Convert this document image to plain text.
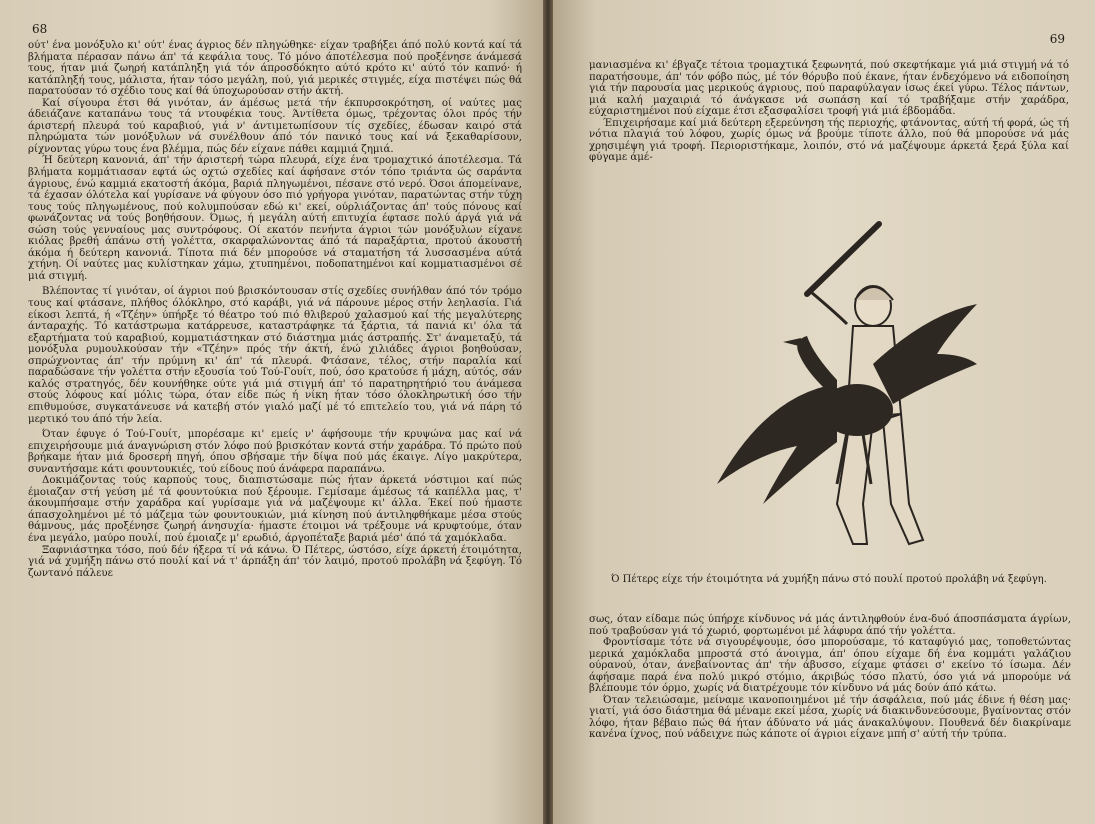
68

ούτ' ένα μονόξυλο κι' ούτ' ένας άγριος δέν πληγώθηκε· είχαν τραβήξει άπό πολύ κοντά καί τά βλήματα πέρασαν πάνω άπ' τά κεφάλια τους. Τό μόνο άποτέλεσμα πού προξένησε άνάμεσά τους, ήταν μιά ζωηρή κατάπληξη γιά τόν άπροσδόκητο αύτό κρότο κι' αύτό τόν καπνό· ή κατάπληξή τους, μάλιστα, ήταν τόσο μεγάλη, πού, γιά μερικές στιγμές, είχα πιστέψει πώς θά παρατούσαν τό σχέδιο τους καί θά ύποχωρούσαν στήν άκτή.

Καί σίγουρα έτσι θά γινόταν, άν άμέσως μετά τήν έκπυρσοκρότηση, οί ναύτες μας άδειάζανε καταπάνω τους τά ντουφέκια τους. Άντίθετα όμως, τρέχοντας όλοι πρός τήν άριστερή πλευρά τού καραβιού, γιά ν' άντιμετωπίσουν τίς σχεδίες, έδωσαν καιρό στά πληρώματα τών μονόξυλων νά συνέλθουν άπό τόν πανικό τους καί νά ξεκαθαρίσουν, ρίχνοντας γύρω τους ένα βλέμμα, πώς δέν είχανε πάθει καμμιά ζημιά.

Ή δεύτερη κανονιά, άπ' τήν άριστερή τώρα πλευρά, είχε ένα τρομαχτικό άποτέλεσμα. Τά βλήματα κομμάτιασαν εφτά ώς οχτώ σχεδίες καί άφήσανε στόν τόπο τριάντα ώς σαράντα άγριους, ένώ καμμιά εκατοστή άκόμα, βαριά πληγωμένοι, πέσανε στό νερό. Όσοι άπομείνανε, τά έχασαν όλότελα καί γυρίσανε νά φύγουν όσο πιό γρήγορα γινόταν, παρατώντας στήν τύχη τους τούς πληγωμένους, πού κολυμπούσαν εδώ κι' εκεί, ούρλιάζοντας άπ' τούς πόνους καί φωνάζοντας νά τούς βοηθήσουν. Όμως, ή μεγάλη αύτή επιτυχία έφτασε πολύ άργά γιά νά σώση τούς γενναίους μας συντρόφους. Οί εκατόν πενήντα άγριοι τών μονόξυλων είχανε κιόλας βρεθή άπάνω στή γολέττα, σκαρφαλώνοντας άπό τά παραξάρτια, προτού άκουστή άκόμα ή δεύτερη κανονιά. Τίποτα πιά δέν μπορούσε νά σταματήση τά λυσσασμένα αύτά χτήνη. Οί ναύτες μας κυλίστηκαν χάμω, χτυπημένοι, ποδοπατημένοι καί κομματιασμένοι σέ μιά στιγμή.

Βλέποντας τί γινόταν, οί άγριοι πού βρισκόντουσαν στίς σχεδίες συνήλθαν άπό τόν τρόμο τους καί φτάσανε, πλήθος όλόκληρο, στό καράβι, γιά νά πάρουνε μέρος στήν λεηλασία. Γιά είκοσι λεπτά, ή «Τζέην» ύπήρξε τό θέατρο τού πιό θλιβερού χαλασμού καί τής μεγαλύτερης άνταραχής. Τό κατάστρωμα κατάρρευσε, καταστράφηκε τά ξάρτια, τά πανιά κι' όλα τά εξαρτήματα τού καραβιού, κομματιάστηκαν στό διάστημα μιάς άστραπής. Στ' άναμεταξύ, τά μονόξυλα ρυμουλκούσαν τήν «Τζέην» πρός τήν άκτή, ένώ χιλιάδες άγριοι βοηθούσαν, σπρώχνοντας άπ' τήν πρύμνη κι' άπ' τά πλευρά. Φτάσανε, τέλος, στήν παραλία καί παραδώσανε τήν γολέττα στήν εξουσία τού Τού-Γουίτ, πού, όσο κρατούσε ή μάχη, αύτός, σάν καλός στρατηγός, δέν κουνήθηκε ούτε γιά μιά στιγμή άπ' τό παρατηρητήριό του άνάμεσα στούς λόφους καί μόλις τώρα, όταν είδε πώς ή νίκη ήταν τόσο όλοκληρωτική όσο τήν επιθυμούσε, συγκατάνευσε νά κατεβή στόν γιαλό μαζί μέ τό επιτελείο του, γιά νά πάρη τό μερτικό του άπό τήν λεία.

Όταν έφυγε ό Τού-Γουίτ, μπορέσαμε κι' εμείς ν' άφήσουμε τήν κρυψώνα μας καί νά επιχειρήσουμε μιά άναγνώριση στόν λόφο πού βρισκόταν κοντά στήν χαράδρα. Τό πρώτο πού βρήκαμε ήταν μιά δροσερή πηγή, όπου σβήσαμε τήν δίψα πού μάς έκαιγε. Λίγο μακρύτερα, συναντήσαμε κάτι φουντουκιές, τού είδους πού άνάφερα παραπάνω.

Δοκιμάζοντας τούς καρπούς τους, διαπιστώσαμε πώς ήταν άρκετά νόστιμοι καί πώς έμοιαζαν στή γεύση μέ τά φουντούκια πού ξέρουμε. Γεμίσαμε άμέσως τά καπέλλα μας, τ' άκουμπήσαμε στήν χαράδρα καί γυρίσαμε γιά νά μαζέψουμε κι' άλλα. Έκεί πού ήμαστε άπασχολημένοι μέ τό μάζεμα τών φουντουκιών, μιά κίνηση πού άντιληφθήκαμε μέσα στούς θάμνους, μάς προξένησε ζωηρή άνησυχία· ήμαστε έτοιμοι νά τρέξουμε νά κρυφτούμε, όταν ένα μεγάλο, μαύρο πουλί, πού έμοιαζε μ' ερωδιό, άργοπέταξε βαριά μέσ' άπό τά χαμόκλαδα.

Ξαφνιάστηκα τόσο, πού δέν ήξερα τί νά κάνω. Ό Πέτερς, ώστόσο, είχε άρκετή έτοιμότητα, γιά νά χυμήξη πάνω στό πουλί καί νά τ' άρπάξη άπ' τόν λαιμό, προτού προλάβη νά ξεφύγη. Τό ζωντανό πάλευε

69

μανιασμένα κι' έβγαζε τέτοια τρομαχτικά ξεφωνητά, πού σκεφτήκαμε γιά μιά στιγμή νά τό παρατήσουμε, άπ' τόν φόβο πώς, μέ τόν θόρυβο πού έκανε, ήταν ένδεχόμενο νά ειδοποίηση γιά τήν παρουσία μας μερικούς άγριους, πού παραφύλαγαν ίσως έκεί γύρω. Τέλος πάντων, μιά καλή μαχαιριά τό άνάγκασε νά σωπάση καί τό τραβήξαμε στήν χαράδρα, εύχαριστημένοι πού είχαμε έτσι εξασφαλίσει τροφή γιά μιά έβδομάδα.

Έπιχειρήσαμε καί μιά δεύτερη εξερεύνηση τής περιοχής, φτάνοντας, αύτή τή φορά, ώς τή νότια πλαγιά τού λόφου, χωρίς όμως νά βρούμε τίποτε άλλο, πού θά μπορούσε νά μάς χρησιμέψη γιά τροφή. Περιοριστήκαμε, λοιπόν, στό νά μαζέψουμε άρκετά ξερά ξύλα καί φύγαμε άμέ-

Ό Πέτερς είχε τήν έτοιμότητα νά χυμήξη πάνω στό πουλί προτού προλάβη νά ξεφύγη.

σως, όταν είδαμε πώς ύπήρχε κίνδυνος νά μάς άντιληφθούν ένα-δυό άποσπάσματα άγρίων, πού τραβούσαν γιά τό χωριό, φορτωμένοι μέ λάφυρα άπό τήν γολέττα.

Φροντίσαμε τότε νά σιγουρέψουμε, όσο μπορούσαμε, τό καταφύγιό μας, τοποθετώντας μερικά χαμόκλαδα μπροστά στό άνοιγμα, άπ' όπου είχαμε δή ένα κομμάτι γαλάζιου ούρανού, όταν, άνεβαίνοντας άπ' τήν άβυσσο, είχαμε φτάσει σ' εκείνο τό ίσωμα. Δέν άφήσαμε παρά ένα πολύ μικρό στόμιο, άκριβώς τόσο πλατύ, όσο γιά νά μπορούμε νά βλέπουμε τόν όρμο, χωρίς νά διατρέχουμε τόν κίνδυνο νά μάς δούν άπό κάτω.

Όταν τελειώσαμε, μείναμε ικανοποιημένοι μέ τήν άσφάλεια, πού μάς έδινε ή θέση μας· γιατί, γιά όσο διάστημα θά μέναμε εκεί μέσα, χωρίς νά διακινδυνεύσουμε, βγαίνοντας στόν λόφο, ήταν βέβαιο πώς θά ήταν άδύνατο νά μάς άνακαλύψουν. Πουθενά δέν διακρίναμε κανένα ίχνος, πού νάδειχνε πώς κάποτε οί άγριοι είχανε μπή σ' αύτή τήν τρύπα.
